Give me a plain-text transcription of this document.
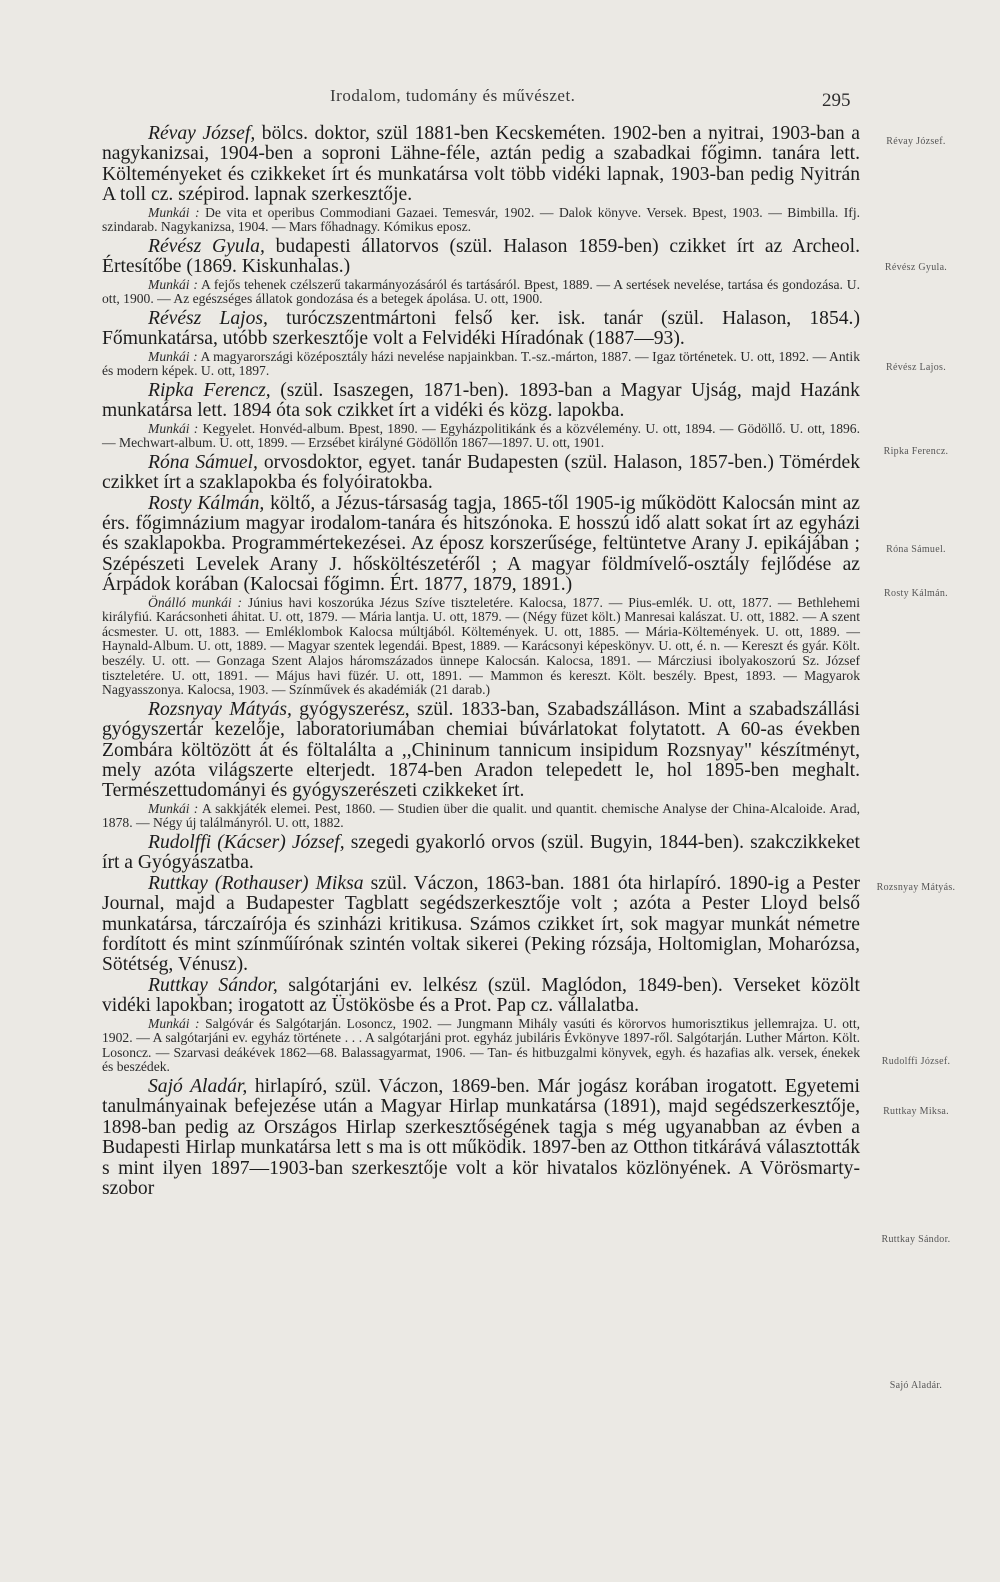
Irodalom, tudomány és művészet.	295

Révay József, bölcs. doktor, szül 1881-ben Kecskeméten. 1902-ben a nyitrai, 1903-ban a nagykanizsai, 1904-ben a soproni Lähne-féle, aztán pedig a szabadkai főgimn. tanára lett. Költeményeket és czikkeket írt és munkatársa volt több vidéki lapnak, 1903-ban pedig Nyitrán A toll cz. szépirod. lapnak szerkesztője.

Munkái : De vita et operibus Commodiani Gazaei. Temesvár, 1902. — Dalok könyve. Versek. Bpest, 1903. — Bimbilla. Ifj. szindarab. Nagykanizsa, 1904. — Mars főhadnagy. Kómikus eposz.

Révész Gyula, budapesti állatorvos (szül. Halason 1859-ben) czikket írt az Archeol. Értesítőbe (1869. Kiskunhalas.)

Munkái : A fejős tehenek czélszerű takarmányozásáról és tartásáról. Bpest, 1889. — A sertések nevelése, tartása és gondozása. U. ott, 1900. — Az egészséges állatok gondozása és a betegek ápolása. U. ott, 1900.

Révész Lajos, turóczszentmártoni felső ker. isk. tanár (szül. Halason, 1854.) Főmunkatársa, utóbb szerkesztője volt a Felvidéki Híradónak (1887—93).

Munkái : A magyarországi középosztály házi nevelése napjainkban. T.-sz.-márton, 1887. — Igaz történetek. U. ott, 1892. — Antik és modern képek. U. ott, 1897.

Ripka Ferencz, (szül. Isaszegen, 1871-ben). 1893-ban a Magyar Ujság, majd Hazánk munkatársa lett. 1894 óta sok czikket írt a vidéki és közg. lapokba.

Munkái : Kegyelet. Honvéd-album. Bpest, 1890. — Egyházpolitikánk és a közvélemény. U. ott, 1894. — Gödöllő. U. ott, 1896. — Mechwart-album. U. ott, 1899. — Erzsébet királyné Gödöllőn 1867—1897. U. ott, 1901.

Róna Sámuel, orvosdoktor, egyet. tanár Budapesten (szül. Halason, 1857-ben.) Tömérdek czikket írt a szaklapokba és folyóiratokba.

Rosty Kálmán, költő, a Jézus-társaság tagja, 1865-től 1905-ig működött Kalocsán mint az érs. főgimnázium magyar irodalom-tanára és hitszónoka. E hosszú idő alatt sokat írt az egyházi és szaklapokba. Programmértekezései. Az éposz korszerűsége, feltüntetve Arany J. epikájában ; Szépészeti Levelek Arany J. hősköltészetéről ; A magyar földmívelő-osztály fejlődése az Árpádok korában (Kalocsai főgimn. Ért. 1877, 1879, 1891.)

Önálló munkái : Június havi koszorúka Jézus Szíve tiszteletére. Kalocsa, 1877. — Pius-emlék. U. ott, 1877. — Bethlehemi királyfiú. Karácsonheti áhitat. U. ott, 1879. — Mária lantja. U. ott, 1879. — (Négy füzet költ.) Manresai kalászat. U. ott, 1882. — A szent ácsmester. U. ott, 1883. — Emléklombok Kalocsa múltjából. Költemények. U. ott, 1885. — Mária-Költemények. U. ott, 1889. — Haynald-Album. U. ott, 1889. — Magyar szentek legendái. Bpest, 1889. — Karácsonyi képeskönyv. U. ott, é. n. — Kereszt és gyár. Költ. beszély. U. ott. — Gonzaga Szent Alajos háromszázados ünnepe Kalocsán. Kalocsa, 1891. — Márcziusi ibolyakoszorú Sz. József tiszteletére. U. ott, 1891. — Május havi füzér. U. ott, 1891. — Mammon és kereszt. Költ. beszély. Bpest, 1893. — Magyarok Nagyasszonya. Kalocsa, 1903. — Színművek és akadémiák (21 darab.)

Rozsnyay Mátyás, gyógyszerész, szül. 1833-ban, Szabadszálláson. Mint a szabadszállási gyógyszertár kezelője, laboratoriumában chemiai búvárlatokat folytatott. A 60-as években Zombára költözött át és föltalálta a ,,Chininum tannicum insipidum Rozsnyay" készítményt, mely azóta világszerte elterjedt. 1874-ben Aradon telepedett le, hol 1895-ben meghalt. Természettudományi és gyógyszerészeti czikkeket írt.

Munkái : A sakkjáték elemei. Pest, 1860. — Studien über die qualit. und quantit. chemische Analyse der China-Alcaloide. Arad, 1878. — Négy új találmányról. U. ott, 1882.

Rudolffi (Kácser) József, szegedi gyakorló orvos (szül. Bugyin, 1844-ben). szakczikkeket írt a Gyógyászatba.

Ruttkay (Rothauser) Miksa szül. Váczon, 1863-ban. 1881 óta hirlapíró. 1890-ig a Pester Journal, majd a Budapester Tagblatt segédszerkesztője volt ; azóta a Pester Lloyd belső munkatársa, tárczaírója és szinházi kritikusa. Számos czikket írt, sok magyar munkát németre fordított és mint színműírónak szintén voltak sikerei (Peking rózsája, Holtomiglan, Moharózsa, Sötétség, Vénusz).

Ruttkay Sándor, salgótarjáni ev. lelkész (szül. Maglódon, 1849-ben). Verseket közölt vidéki lapokban; irogatott az Üstökösbe és a Prot. Pap cz. vállalatba.

Munkái : Salgóvár és Salgótarján. Losoncz, 1902. — Jungmann Mihály vasúti és körorvos humorisztikus jellemrajza. U. ott, 1902. — A salgótarjáni ev. egyház története . . . A salgótarjáni prot. egyház jubiláris Évkönyve 1897-ről. Salgótarján. Luther Márton. Költ. Losoncz. — Szarvasi deákévek 1862—68. Balassagyarmat, 1906. — Tan- és hitbuzgalmi könyvek, egyh. és hazafias alk. versek, énekek és beszédek.

Sajó Aladár, hirlapíró, szül. Váczon, 1869-ben. Már jogász korában irogatott. Egyetemi tanulmányainak befejezése után a Magyar Hirlap munkatársa (1891), majd segédszerkesztője, 1898-ban pedig az Országos Hirlap szerkesztőségének tagja s még ugyanabban az évben a Budapesti Hirlap munkatársa lett s ma is ott működik. 1897-ben az Otthon titkárává választották s mint ilyen 1897—1903-ban szerkesztője volt a kör hivatalos közlönyének. A Vörösmarty-szobor

Révay József.
Révész Gyula.
Révész Lajos.
Ripka Ferencz.
Róna Sámuel.
Rosty Kálmán.
Rozsnyay Mátyás.
Rudolffi József.
Ruttkay Miksa.
Ruttkay Sándor.
Sajó Aladár.
